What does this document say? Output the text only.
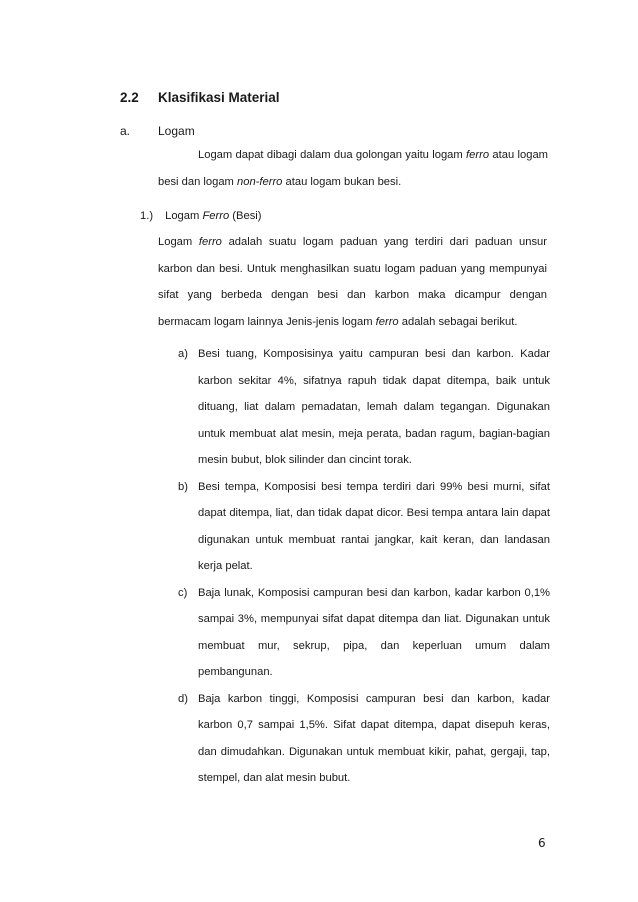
2.2 Klasifikasi Material
a. Logam
Logam dapat dibagi dalam dua golongan yaitu logam ferro atau logam besi dan logam non-ferro atau logam bukan besi.
1.) Logam Ferro (Besi)
Logam ferro adalah suatu logam paduan yang terdiri dari paduan unsur karbon dan besi. Untuk menghasilkan suatu logam paduan yang mempunyai sifat yang berbeda dengan besi dan karbon maka dicampur dengan bermacam logam lainnya Jenis-jenis logam ferro adalah sebagai berikut.
a) Besi tuang, Komposisinya yaitu campuran besi dan karbon. Kadar karbon sekitar 4%, sifatnya rapuh tidak dapat ditempa, baik untuk dituang, liat dalam pemadatan, lemah dalam tegangan. Digunakan untuk membuat alat mesin, meja perata, badan ragum, bagian-bagian mesin bubut, blok silinder dan cincint torak.
b) Besi tempa, Komposisi besi tempa terdiri dari 99% besi murni, sifat dapat ditempa, liat, dan tidak dapat dicor. Besi tempa antara lain dapat digunakan untuk membuat rantai jangkar, kait keran, dan landasan kerja pelat.
c) Baja lunak, Komposisi campuran besi dan karbon, kadar karbon 0,1% sampai 3%, mempunyai sifat dapat ditempa dan liat. Digunakan untuk membuat mur, sekrup, pipa, dan keperluan umum dalam pembangunan.
d) Baja karbon tinggi, Komposisi campuran besi dan karbon, kadar karbon 0,7 sampai 1,5%. Sifat dapat ditempa, dapat disepuh keras, dan dimudahkan. Digunakan untuk membuat kikir, pahat, gergaji, tap, stempel, dan alat mesin bubut.
6
